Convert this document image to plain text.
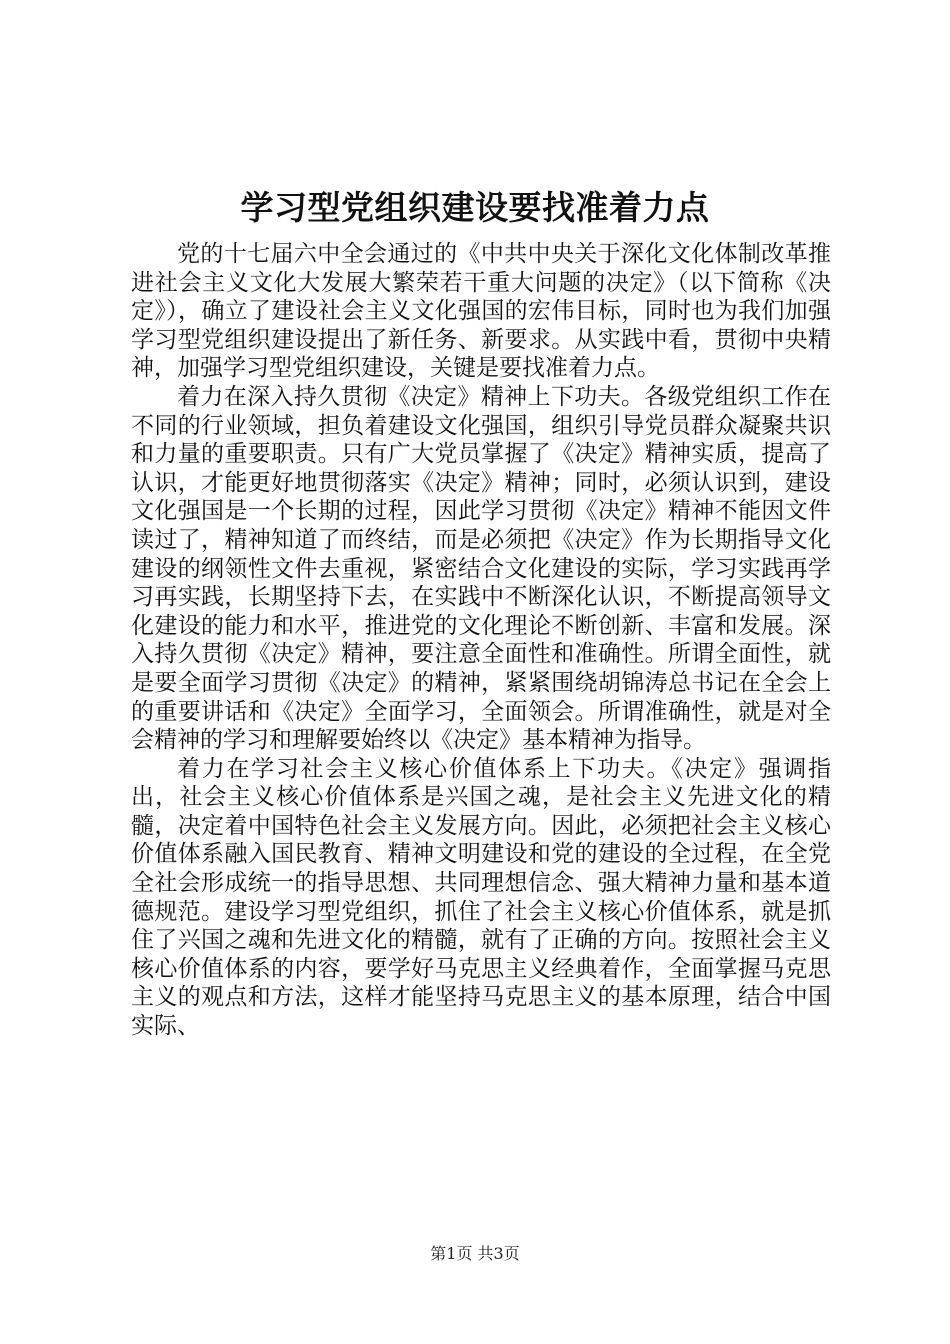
学习型党组织建设要找准着力点

党的十七届六中全会通过的《中共中央关于深化文化体制改革推进社会主义文化大发展大繁荣若干重大问题的决定》（以下简称《决定》），确立了建设社会主义文化强国的宏伟目标，同时也为我们加强学习型党组织建设提出了新任务、新要求。从实践中看，贯彻中央精神，加强学习型党组织建设，关键是要找准着力点。

着力在深入持久贯彻《决定》精神上下功夫。各级党组织工作在不同的行业领域，担负着建设文化强国，组织引导党员群众凝聚共识和力量的重要职责。只有广大党员掌握了《决定》精神实质，提高了认识，才能更好地贯彻落实《决定》精神；同时，必须认识到，建设文化强国是一个长期的过程，因此学习贯彻《决定》精神不能因文件读过了，精神知道了而终结，而是必须把《决定》作为长期指导文化建设的纲领性文件去重视，紧密结合文化建设的实际，学习实践再学习再实践，长期坚持下去，在实践中不断深化认识，不断提高领导文化建设的能力和水平，推进党的文化理论不断创新、丰富和发展。深入持久贯彻《决定》精神，要注意全面性和准确性。所谓全面性，就是要全面学习贯彻《决定》的精神，紧紧围绕胡锦涛总书记在全会上的重要讲话和《决定》全面学习，全面领会。所谓准确性，就是对全会精神的学习和理解要始终以《决定》基本精神为指导。

着力在学习社会主义核心价值体系上下功夫。《决定》强调指出，社会主义核心价值体系是兴国之魂，是社会主义先进文化的精髓，决定着中国特色社会主义发展方向。因此，必须把社会主义核心价值体系融入国民教育、精神文明建设和党的建设的全过程，在全党全社会形成统一的指导思想、共同理想信念、强大精神力量和基本道德规范。建设学习型党组织，抓住了社会主义核心价值体系，就是抓住了兴国之魂和先进文化的精髓，就有了正确的方向。按照社会主义核心价值体系的内容，要学好马克思主义经典着作，全面掌握马克思主义的观点和方法，这样才能坚持马克思主义的基本原理，结合中国实际、

第1页 共3页
